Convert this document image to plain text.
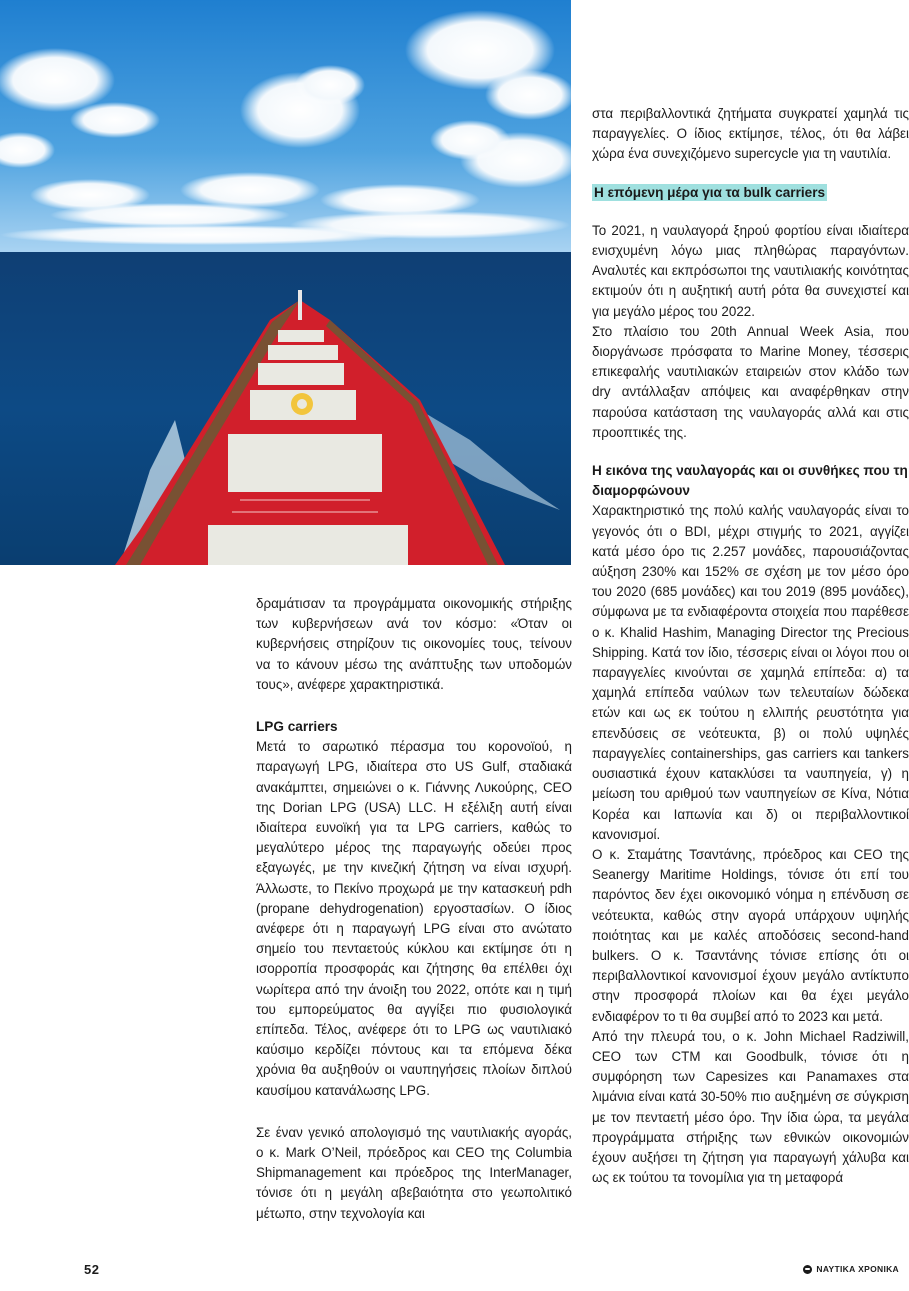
δραμάτισαν τα προγράμματα οικονομικής στήριξης των κυβερνήσεων ανά τον κόσμο: «Όταν οι κυβερνήσεις στηρίζουν τις οικονομίες τους, τείνουν να το κάνουν μέσω της ανάπτυξης των υποδομών τους», ανέφερε χαρακτηριστικά.

LPG carriers

Μετά το σαρωτικό πέρασμα του κορονοϊού, η παραγωγή LPG, ιδιαίτερα στο US Gulf, σταδιακά ανακάμπτει, σημειώνει ο κ. Γιάννης Λυκούρης, CEO της Dorian LPG (USA) LLC. Η εξέλιξη αυτή είναι ιδιαίτερα ευνοϊκή για τα LPG carriers, καθώς το μεγαλύτερο μέρος της παραγωγής οδεύει προς εξαγωγές, με την κινεζική ζήτηση να είναι ισχυρή. Άλλωστε, το Πεκίνο προχωρά με την κατασκευή pdh (propane dehydrogenation) εργοστασίων. Ο ίδιος ανέφερε ότι η παραγωγή LPG είναι στο ανώτατο σημείο του πενταετούς κύκλου και εκτίμησε ότι η ισορροπία προσφοράς και ζήτησης θα επέλθει όχι νωρίτερα από την άνοιξη του 2022, οπότε και η τιμή του εμπορεύματος θα αγγίξει πιο φυσιολογικά επίπεδα. Τέλος, ανέφερε ότι το LPG ως ναυτιλιακό καύσιμο κερδίζει πόντους και τα επόμενα δέκα χρόνια θα αυξηθούν οι ναυπηγήσεις πλοίων διπλού καυσίμου κατανάλωσης LPG.

Σε έναν γενικό απολογισμό της ναυτιλιακής αγοράς, ο κ. Mark O’Neil, πρόεδρος και CEO της Columbia Shipmanagement και πρόεδρος της InterManager, τόνισε ότι η μεγάλη αβεβαιότητα στο γεωπολιτικό μέτωπο, στην τεχνολογία και

στα περιβαλλοντικά ζητήματα συγκρατεί χαμηλά τις παραγγελίες. Ο ίδιος εκτίμησε, τέλος, ότι θα λάβει χώρα ένα συνεχιζόμενο supercycle για τη ναυτιλία.

Η επόμενη μέρα για τα bulk carriers

Το 2021, η ναυλαγορά ξηρού φορτίου είναι ιδιαίτερα ενισχυμένη λόγω μιας πληθώρας παραγόντων. Αναλυτές και εκπρόσωποι της ναυτιλιακής κοινότητας εκτιμούν ότι η αυξητική αυτή ρότα θα συνεχιστεί και για μεγάλο μέρος του 2022.

Στο πλαίσιο του 20th Annual Week Asia, που διοργάνωσε πρόσφατα το Marine Money, τέσσερις επικεφαλής ναυτιλιακών εταιρειών στον κλάδο των dry αντάλλαξαν απόψεις και αναφέρθηκαν στην παρούσα κατάσταση της ναυλαγοράς αλλά και στις προοπτικές της.

Η εικόνα της ναυλαγοράς και οι συνθήκες που τη διαμορφώνουν

Χαρακτηριστικό της πολύ καλής ναυλαγοράς είναι το γεγονός ότι ο BDI, μέχρι στιγμής το 2021, αγγίζει κατά μέσο όρο τις 2.257 μονάδες, παρουσιάζοντας αύξηση 230% και 152% σε σχέση με τον μέσο όρο του 2020 (685 μονάδες) και του 2019 (895 μονάδες), σύμφωνα με τα ενδιαφέροντα στοιχεία που παρέθεσε ο κ. Khalid Hashim, Managing Director της Precious Shipping. Κατά τον ίδιο, τέσσερις είναι οι λόγοι που οι παραγγελίες κινούνται σε χαμηλά επίπεδα: α) τα χαμηλά επίπεδα ναύλων των τελευταίων δώδεκα ετών και ως εκ τούτου η ελλιπής ρευστότητα για επενδύσεις σε νεότευκτα, β) οι πολύ υψηλές παραγγελίες containerships, gas carriers και tankers ουσιαστικά έχουν κατακλύσει τα ναυπηγεία, γ) η μείωση του αριθμού των ναυπηγείων σε Κίνα, Νότια Κορέα και Ιαπωνία και δ) οι περιβαλλοντικοί κανονισμοί.

Ο κ. Σταμάτης Τσαντάνης, πρόεδρος και CEO της Seanergy Maritime Holdings, τόνισε ότι επί του παρόντος δεν έχει οικονομικό νόημα η επένδυση σε νεότευκτα, καθώς στην αγορά υπάρχουν υψηλής ποιότητας και με καλές αποδόσεις second-hand bulkers. Ο κ. Τσαντάνης τόνισε επίσης ότι οι περιβαλλοντικοί κανονισμοί έχουν μεγάλο αντίκτυπο στην προσφορά πλοίων και θα έχει μεγάλο ενδιαφέρον το τι θα συμβεί από το 2023 και μετά.

Από την πλευρά του, ο κ. John Michael Radziwill, CEO των CTM και Goodbulk, τόνισε ότι η συμφόρηση των Capesizes και Panamaxes στα λιμάνια είναι κατά 30-50% πιο αυξημένη σε σύγκριση με τον πενταετή μέσο όρο. Την ίδια ώρα, τα μεγάλα προγράμματα στήριξης των εθνικών οικονομιών έχουν αυξήσει τη ζήτηση για παραγωγή χάλυβα και ως εκ τούτου τα τονομίλια για τη μεταφορά

52	ΝΑΥΤΙΚΑ ΧΡΟΝΙΚΑ
